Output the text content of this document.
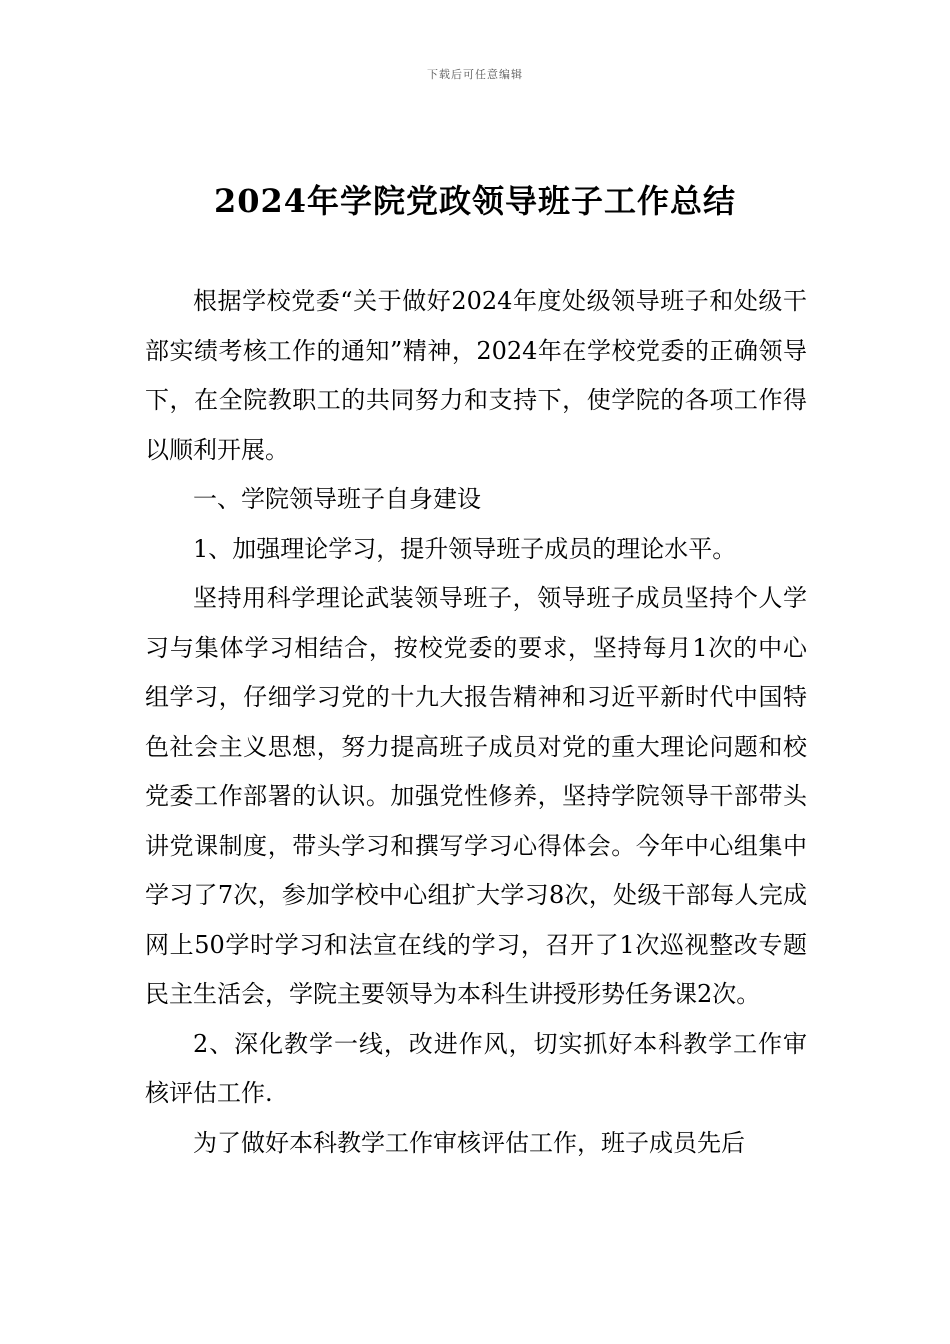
下载后可任意编辑
2024年学院党政领导班子工作总结

根据学校党委“关于做好2024年度处级领导班子和处级干部实绩考核工作的通知”精神，2024年在学校党委的正确领导下，在全院教职工的共同努力和支持下，使学院的各项工作得以顺利开展。

一、学院领导班子自身建设

1、加强理论学习，提升领导班子成员的理论水平。

坚持用科学理论武装领导班子，领导班子成员坚持个人学习与集体学习相结合，按校党委的要求，坚持每月1次的中心组学习，仔细学习党的十九大报告精神和习近平新时代中国特色社会主义思想，努力提高班子成员对党的重大理论问题和校党委工作部署的认识。加强党性修养，坚持学院领导干部带头讲党课制度，带头学习和撰写学习心得体会。今年中心组集中学习了7次，参加学校中心组扩大学习8次，处级干部每人完成网上50学时学习和法宣在线的学习，召开了1次巡视整改专题民主生活会，学院主要领导为本科生讲授形势任务课2次。

2、深化教学一线，改进作风，切实抓好本科教学工作审核评估工作.

为了做好本科教学工作审核评估工作，班子成员先后
